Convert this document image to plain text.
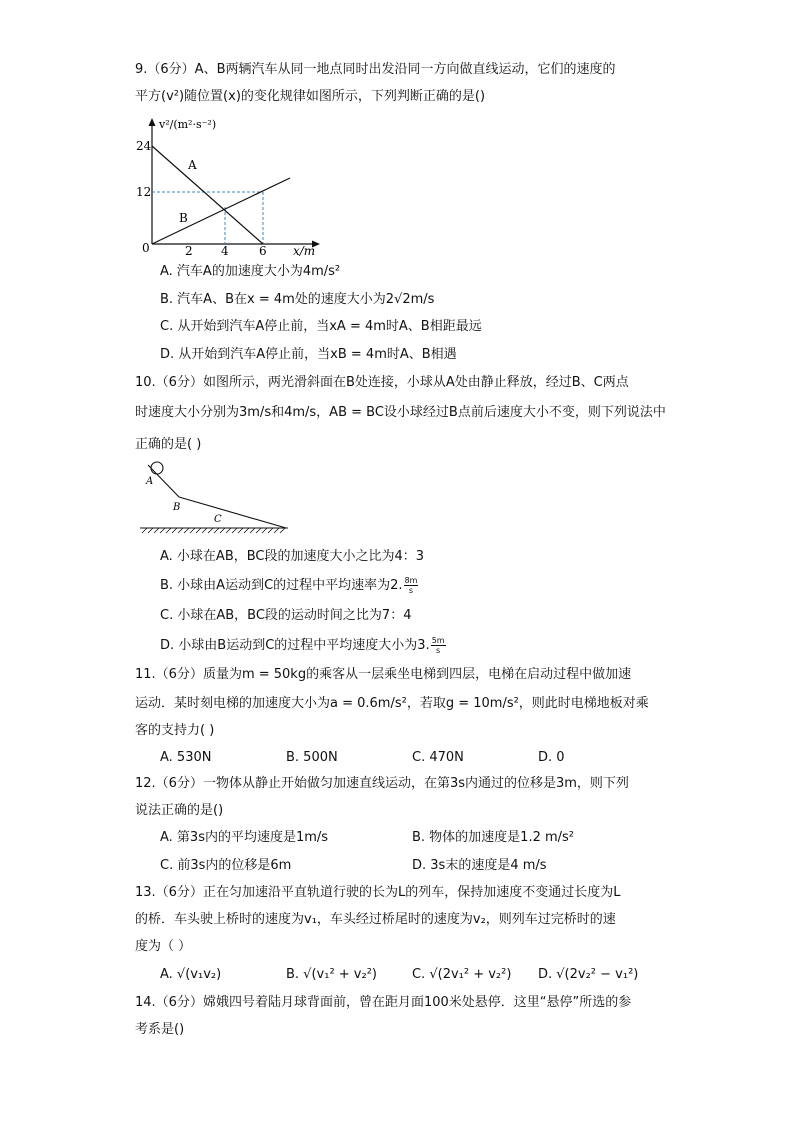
9.（6分）A、B两辆汽车从同一地点同时出发沿同一方向做直线运动，它们的速度的
平方(v²)随位置(x)的变化规律如图所示，下列判断正确的是()
24
12
0	2 4	6 x/m
v²/(m²·s⁻²)
A
B
A. 汽车A的加速度大小为4m/s²
B. 汽车A、B在x = 4m处的速度大小为2√2m/s
C. 从开始到汽车A停止前，当xA = 4m时A、B相距最远
D. 从开始到汽车A停止前，当xB = 4m时A、B相遇
10.（6分）如图所示，两光滑斜面在B处连接，小球从A处由静止释放，经过B、C两点
时速度大小分别为3m/s和4m/s，AB = BC设小球经过B点前后速度大小不变，则下列说法中
正确的是( )
A
B
C
A. 小球在AB，BC段的加速度大小之比为4：3
B. 小球由A运动到C的过程中平均速率为2. $\frac{8m}{s}$
C. 小球在AB，BC段的运动时间之比为7：4
D. 小球由B运动到C的过程中平均速度大小为3. $\frac{5m}{s}$
11.（6分）质量为m = 50kg的乘客从一层乘坐电梯到四层，电梯在启动过程中做加速
运动．某时刻电梯的加速度大小为a = 0.6m/s²，若取g = 10m/s²，则此时电梯地板对乘
客的支持力( )
A. 530N	B. 500N	C. 470N	D. 0
12.（6分）一物体从静止开始做匀加速直线运动，在第3s内通过的位移是3m，则下列
说法正确的是()
A. 第3s内的平均速度是1m/s	B. 物体的加速度是1.2 m/s²
C. 前3s内的位移是6m	D. 3s末的速度是4 m/s
13.（6分）正在匀加速沿平直轨道行驶的长为L的列车，保持加速度不变通过长度为L
的桥．车头驶上桥时的速度为v₁，车头经过桥尾时的速度为v₂，则列车过完桥时的速
度为（ ）
A. √(v₁v₂)	B. √(v₁² + v₂²)	C. √(2v₁² + v₂²) D. √(2v₂² − v₁²)
14.（6分）嫦娥四号着陆月球背面前，曾在距月面100米处悬停．这里“悬停”所选的参
考系是()
